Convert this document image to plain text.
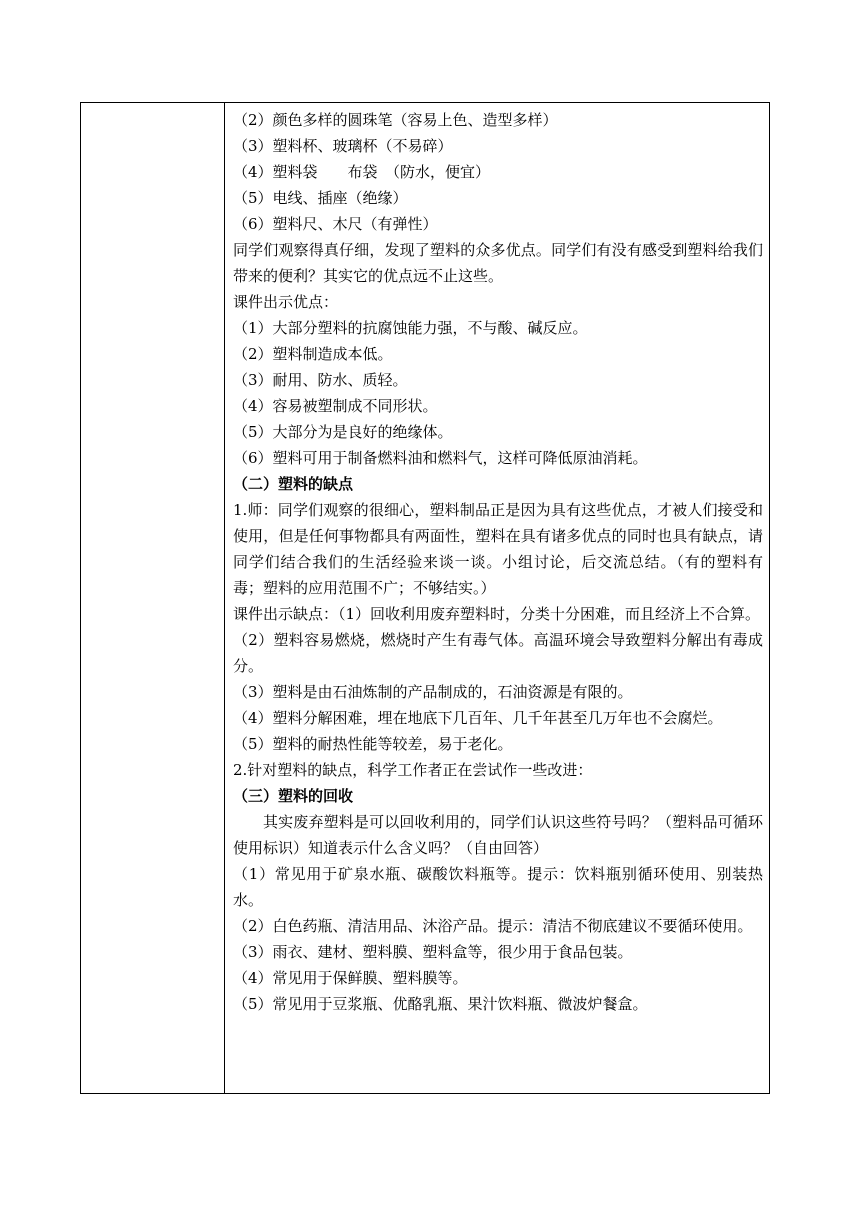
（2）颜色多样的圆珠笔（容易上色、造型多样）
（3）塑料杯、玻璃杯（不易碎）
（4）塑料袋　　布袋　（防水，便宜）
（5）电线、插座（绝缘）
（6）塑料尺、木尺（有弹性）

同学们观察得真仔细，发现了塑料的众多优点。同学们有没有感受到塑料给我们带来的便利？其实它的优点远不止这些。

课件出示优点：
（1）大部分塑料的抗腐蚀能力强，不与酸、碱反应。
（2）塑料制造成本低。
（3）耐用、防水、质轻。
（4）容易被塑制成不同形状。
（5）大部分为是良好的绝缘体。
（6）塑料可用于制备燃料油和燃料气，这样可降低原油消耗。
（二）塑料的缺点

1.师：同学们观察的很细心，塑料制品正是因为具有这些优点，才被人们接受和使用，但是任何事物都具有两面性，塑料在具有诸多优点的同时也具有缺点，请同学们结合我们的生活经验来谈一谈。小组讨论，后交流总结。（有的塑料有毒；塑料的应用范围不广；不够结实。）

课件出示缺点：（1）回收利用废弃塑料时，分类十分困难，而且经济上不合算。

（2）塑料容易燃烧，燃烧时产生有毒气体。高温环境会导致塑料分解出有毒成分。

（3）塑料是由石油炼制的产品制成的，石油资源是有限的。

（4）塑料分解困难，埋在地底下几百年、几千年甚至几万年也不会腐烂。

（5）塑料的耐热性能等较差，易于老化。
2.针对塑料的缺点，科学工作者正在尝试作一些改进：
（三）塑料的回收

其实废弃塑料是可以回收利用的，同学们认识这些符号吗？（塑料品可循环使用标识）知道表示什么含义吗？（自由回答）

（1）常见用于矿泉水瓶、碳酸饮料瓶等。提示：饮料瓶别循环使用、别装热水。

（2）白色药瓶、清洁用品、沐浴产品。提示：清洁不彻底建议不要循环使用。

（3）雨衣、建材、塑料膜、塑料盒等，很少用于食品包装。
（4）常见用于保鲜膜、塑料膜等。
（5）常见用于豆浆瓶、优酪乳瓶、果汁饮料瓶、微波炉餐盒。
